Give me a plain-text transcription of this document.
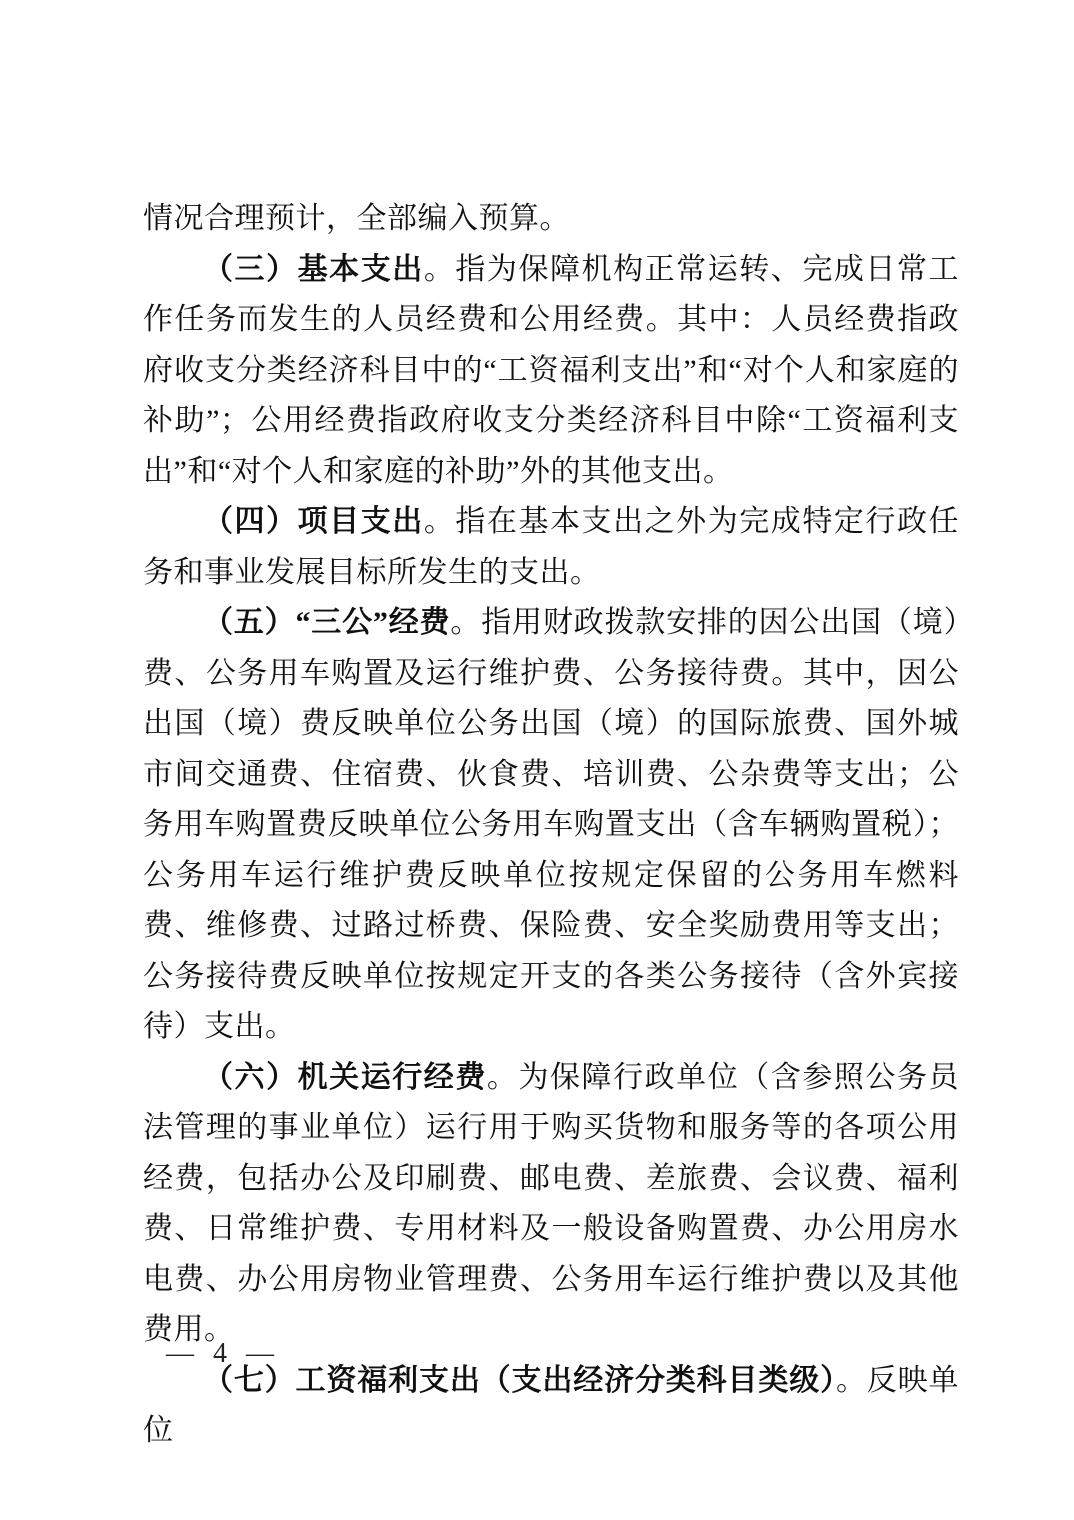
情况合理预计，全部编入预算。

（三）基本支出。指为保障机构正常运转、完成日常工作任务而发生的人员经费和公用经费。其中：人员经费指政府收支分类经济科目中的“工资福利支出”和“对个人和家庭的补助”；公用经费指政府收支分类经济科目中除“工资福利支出”和“对个人和家庭的补助”外的其他支出。

（四）项目支出。指在基本支出之外为完成特定行政任务和事业发展目标所发生的支出。

（五）“三公”经费。指用财政拨款安排的因公出国（境）费、公务用车购置及运行维护费、公务接待费。其中，因公出国（境）费反映单位公务出国（境）的国际旅费、国外城市间交通费、住宿费、伙食费、培训费、公杂费等支出；公务用车购置费反映单位公务用车购置支出（含车辆购置税）；公务用车运行维护费反映单位按规定保留的公务用车燃料费、维修费、过路过桥费、保险费、安全奖励费用等支出；公务接待费反映单位按规定开支的各类公务接待（含外宾接待）支出。

（六）机关运行经费。为保障行政单位（含参照公务员法管理的事业单位）运行用于购买货物和服务等的各项公用经费，包括办公及印刷费、邮电费、差旅费、会议费、福利费、日常维护费、专用材料及一般设备购置费、办公用房水电费、办公用房物业管理费、公务用车运行维护费以及其他费用。

（七）工资福利支出（支出经济分类科目类级）。反映单位

— 4 —
